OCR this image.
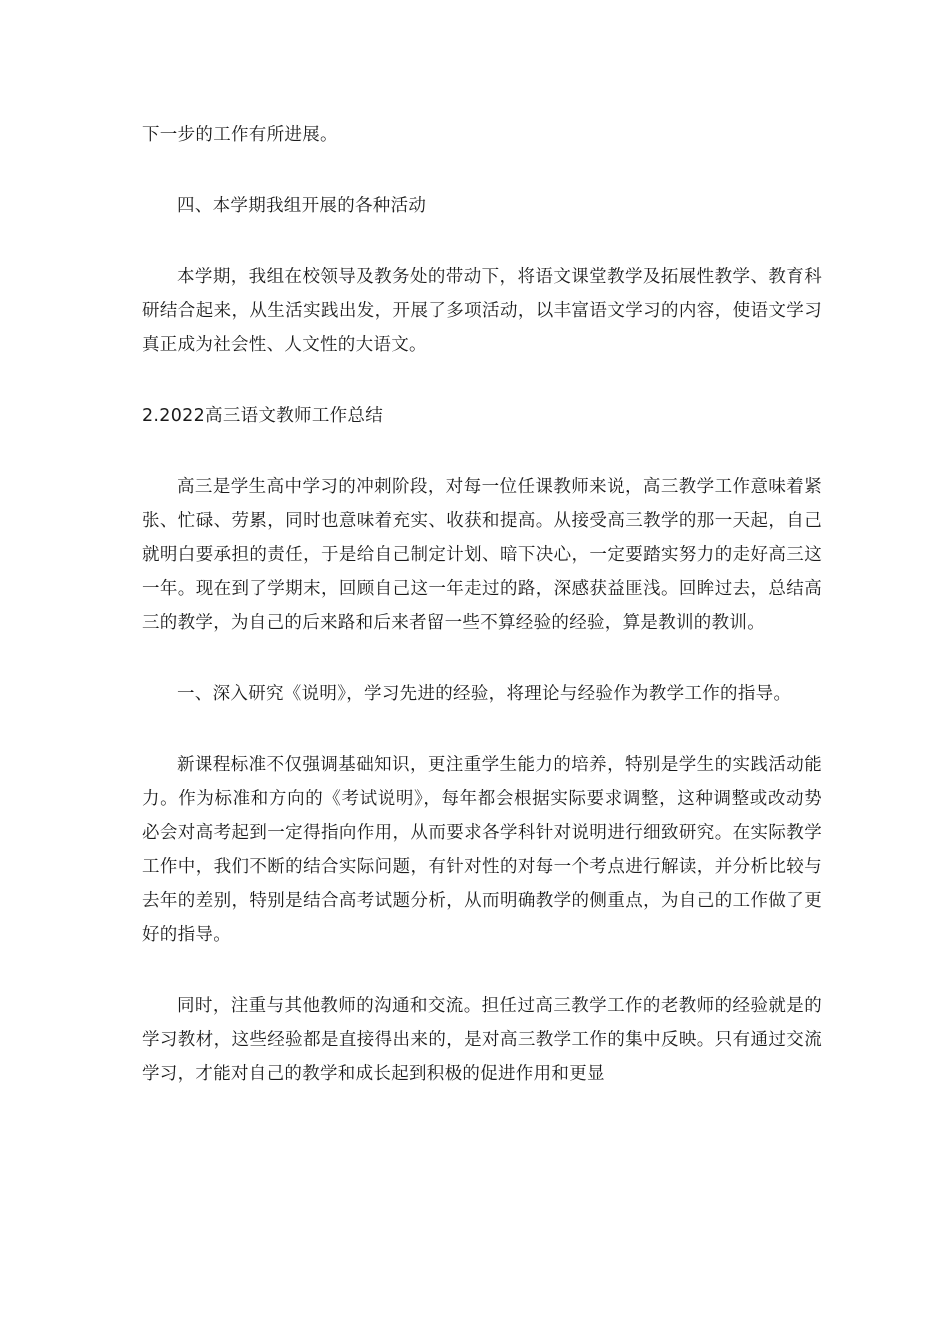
下一步的工作有所进展。

四、本学期我组开展的各种活动

本学期，我组在校领导及教务处的带动下，将语文课堂教学及拓展性教学、教育科研结合起来，从生活实践出发，开展了多项活动，以丰富语文学习的内容，使语文学习真正成为社会性、人文性的大语文。

2.2022高三语文教师工作总结

高三是学生高中学习的冲刺阶段，对每一位任课教师来说，高三教学工作意味着紧张、忙碌、劳累，同时也意味着充实、收获和提高。从接受高三教学的那一天起，自己就明白要承担的责任，于是给自己制定计划、暗下决心，一定要踏实努力的走好高三这一年。现在到了学期末，回顾自己这一年走过的路，深感获益匪浅。回眸过去，总结高三的教学，为自己的后来路和后来者留一些不算经验的经验，算是教训的教训。

一、深入研究《说明》，学习先进的经验，将理论与经验作为教学工作的指导。

新课程标准不仅强调基础知识，更注重学生能力的培养，特别是学生的实践活动能力。作为标准和方向的《考试说明》，每年都会根据实际要求调整，这种调整或改动势必会对高考起到一定得指向作用，从而要求各学科针对说明进行细致研究。在实际教学工作中，我们不断的结合实际问题，有针对性的对每一个考点进行解读，并分析比较与去年的差别，特别是结合高考试题分析，从而明确教学的侧重点，为自己的工作做了更好的指导。

同时，注重与其他教师的沟通和交流。担任过高三教学工作的老教师的经验就是的学习教材，这些经验都是直接得出来的，是对高三教学工作的集中反映。只有通过交流学习，才能对自己的教学和成长起到积极的促进作用和更显
